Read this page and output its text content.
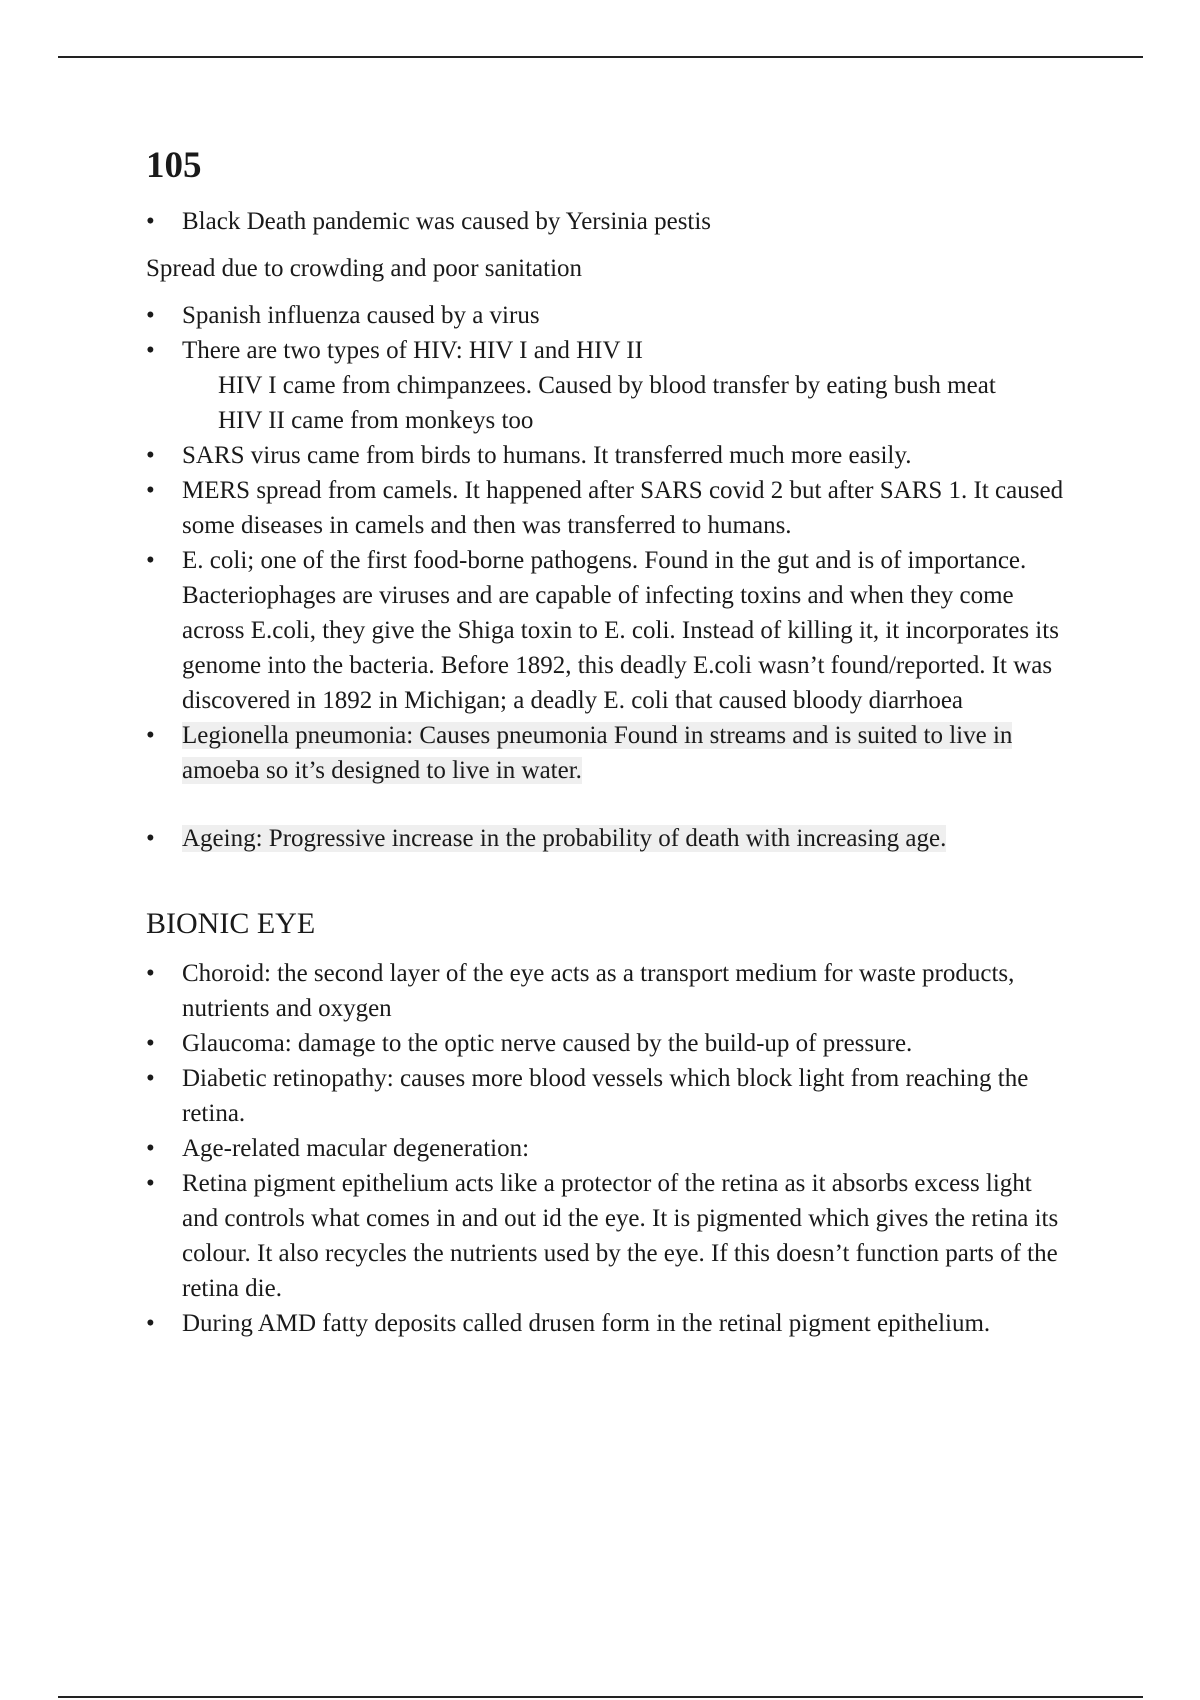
105
• Black Death pandemic was caused by Yersinia pestis

Spread due to crowding and poor sanitation

• Spanish influenza caused by a virus
• There are two types of HIV: HIV I and HIV II
HIV I came from chimpanzees. Caused by blood transfer by eating bush meat
HIV II came from monkeys too
• SARS virus came from birds to humans. It transferred much more easily.
• MERS spread from camels. It happened after SARS covid 2 but after SARS 1. It caused some diseases in camels and then was transferred to humans.
• E. coli; one of the first food-borne pathogens. Found in the gut and is of importance. Bacteriophages are viruses and are capable of infecting toxins and when they come across E.coli, they give the Shiga toxin to E. coli. Instead of killing it, it incorporates its genome into the bacteria. Before 1892, this deadly E.coli wasn’t found/reported. It was discovered in 1892 in Michigan; a deadly E. coli that caused bloody diarrhoea
• Legionella pneumonia: Causes pneumonia Found in streams and is suited to live in amoeba so it’s designed to live in water.
• Ageing: Progressive increase in the probability of death with increasing age.
BIONIC EYE
• Choroid: the second layer of the eye acts as a transport medium for waste products, nutrients and oxygen
• Glaucoma: damage to the optic nerve caused by the build-up of pressure.
• Diabetic retinopathy: causes more blood vessels which block light from reaching the retina.
• Age-related macular degeneration:
• Retina pigment epithelium acts like a protector of the retina as it absorbs excess light and controls what comes in and out id the eye. It is pigmented which gives the retina its colour. It also recycles the nutrients used by the eye. If this doesn’t function parts of the retina die.
• During AMD fatty deposits called drusen form in the retinal pigment epithelium.
